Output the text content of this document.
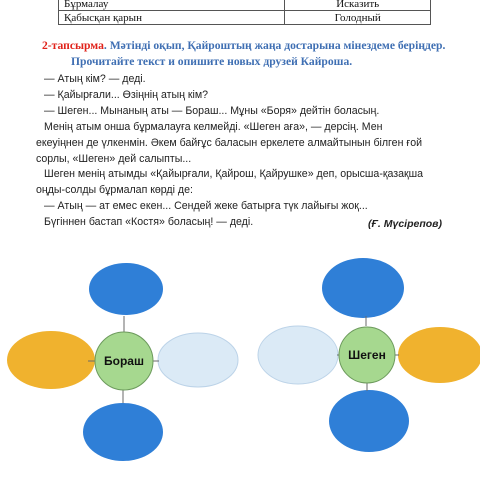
Бұрмалау	Исказить
Қабысқан қарын	Голодный
2-тапсырма. Мәтінді оқып, Қайроштың жаңа достарына мінездеме беріңдер.
Прочитайте текст и опишите новых друзей Кайроша.

— Атың кім? — деді.

— Қайырғали... Өзіңнің атың кім?

— Шеген... Мынаның аты — Бораш... Мұны «Боря» дейтін боласың.

Менің атым онша бұрмалауға келмейді. «Шеген аға», — дерсің. Мен

екеуіңнен де үлкенмін. Әкем байғұс баласын еркелете алмайтынын білген ғой

сорлы, «Шеген» дей салыпты...

Шеген менің атымды «Қайырғали, Қайрош, Қайрушке» деп, орысша-қазақша

оңды-солды бұрмалап көрді де:

— Атың — ат емес екен... Сендей жеке батырға түк лайығы жоқ...

Бүгіннен бастап «Костя» боласың! — деді.	(Ғ. Мүсірепов)
Бораш	Шеген
